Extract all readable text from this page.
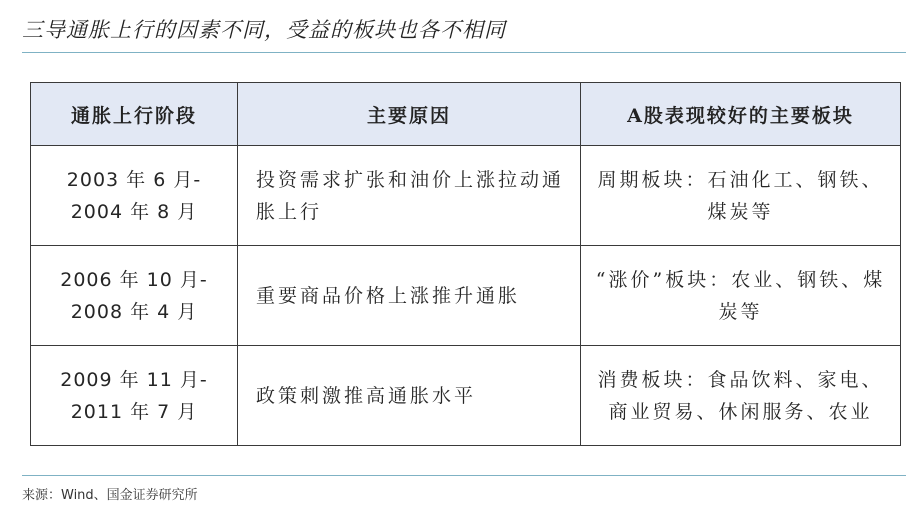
三导通胀上行的因素不同，受益的板块也各不相同
通胀上行阶段	主要原因	A股表现较好的主要板块

2003 年 6 月-
2004 年 8 月	投资需求扩张和油价上涨拉动通胀上行	周期板块：石油化工、钢铁、煤炭等

2006 年 10 月-
2008 年 4 月	重要商品价格上涨推升通胀	“涨价”板块：农业、钢铁、煤炭等

2009 年 11 月-
2011 年 7 月	政策刺激推高通胀水平	消费板块：食品饮料、家电、商业贸易、休闲服务、农业
来源：Wind、国金证券研究所
